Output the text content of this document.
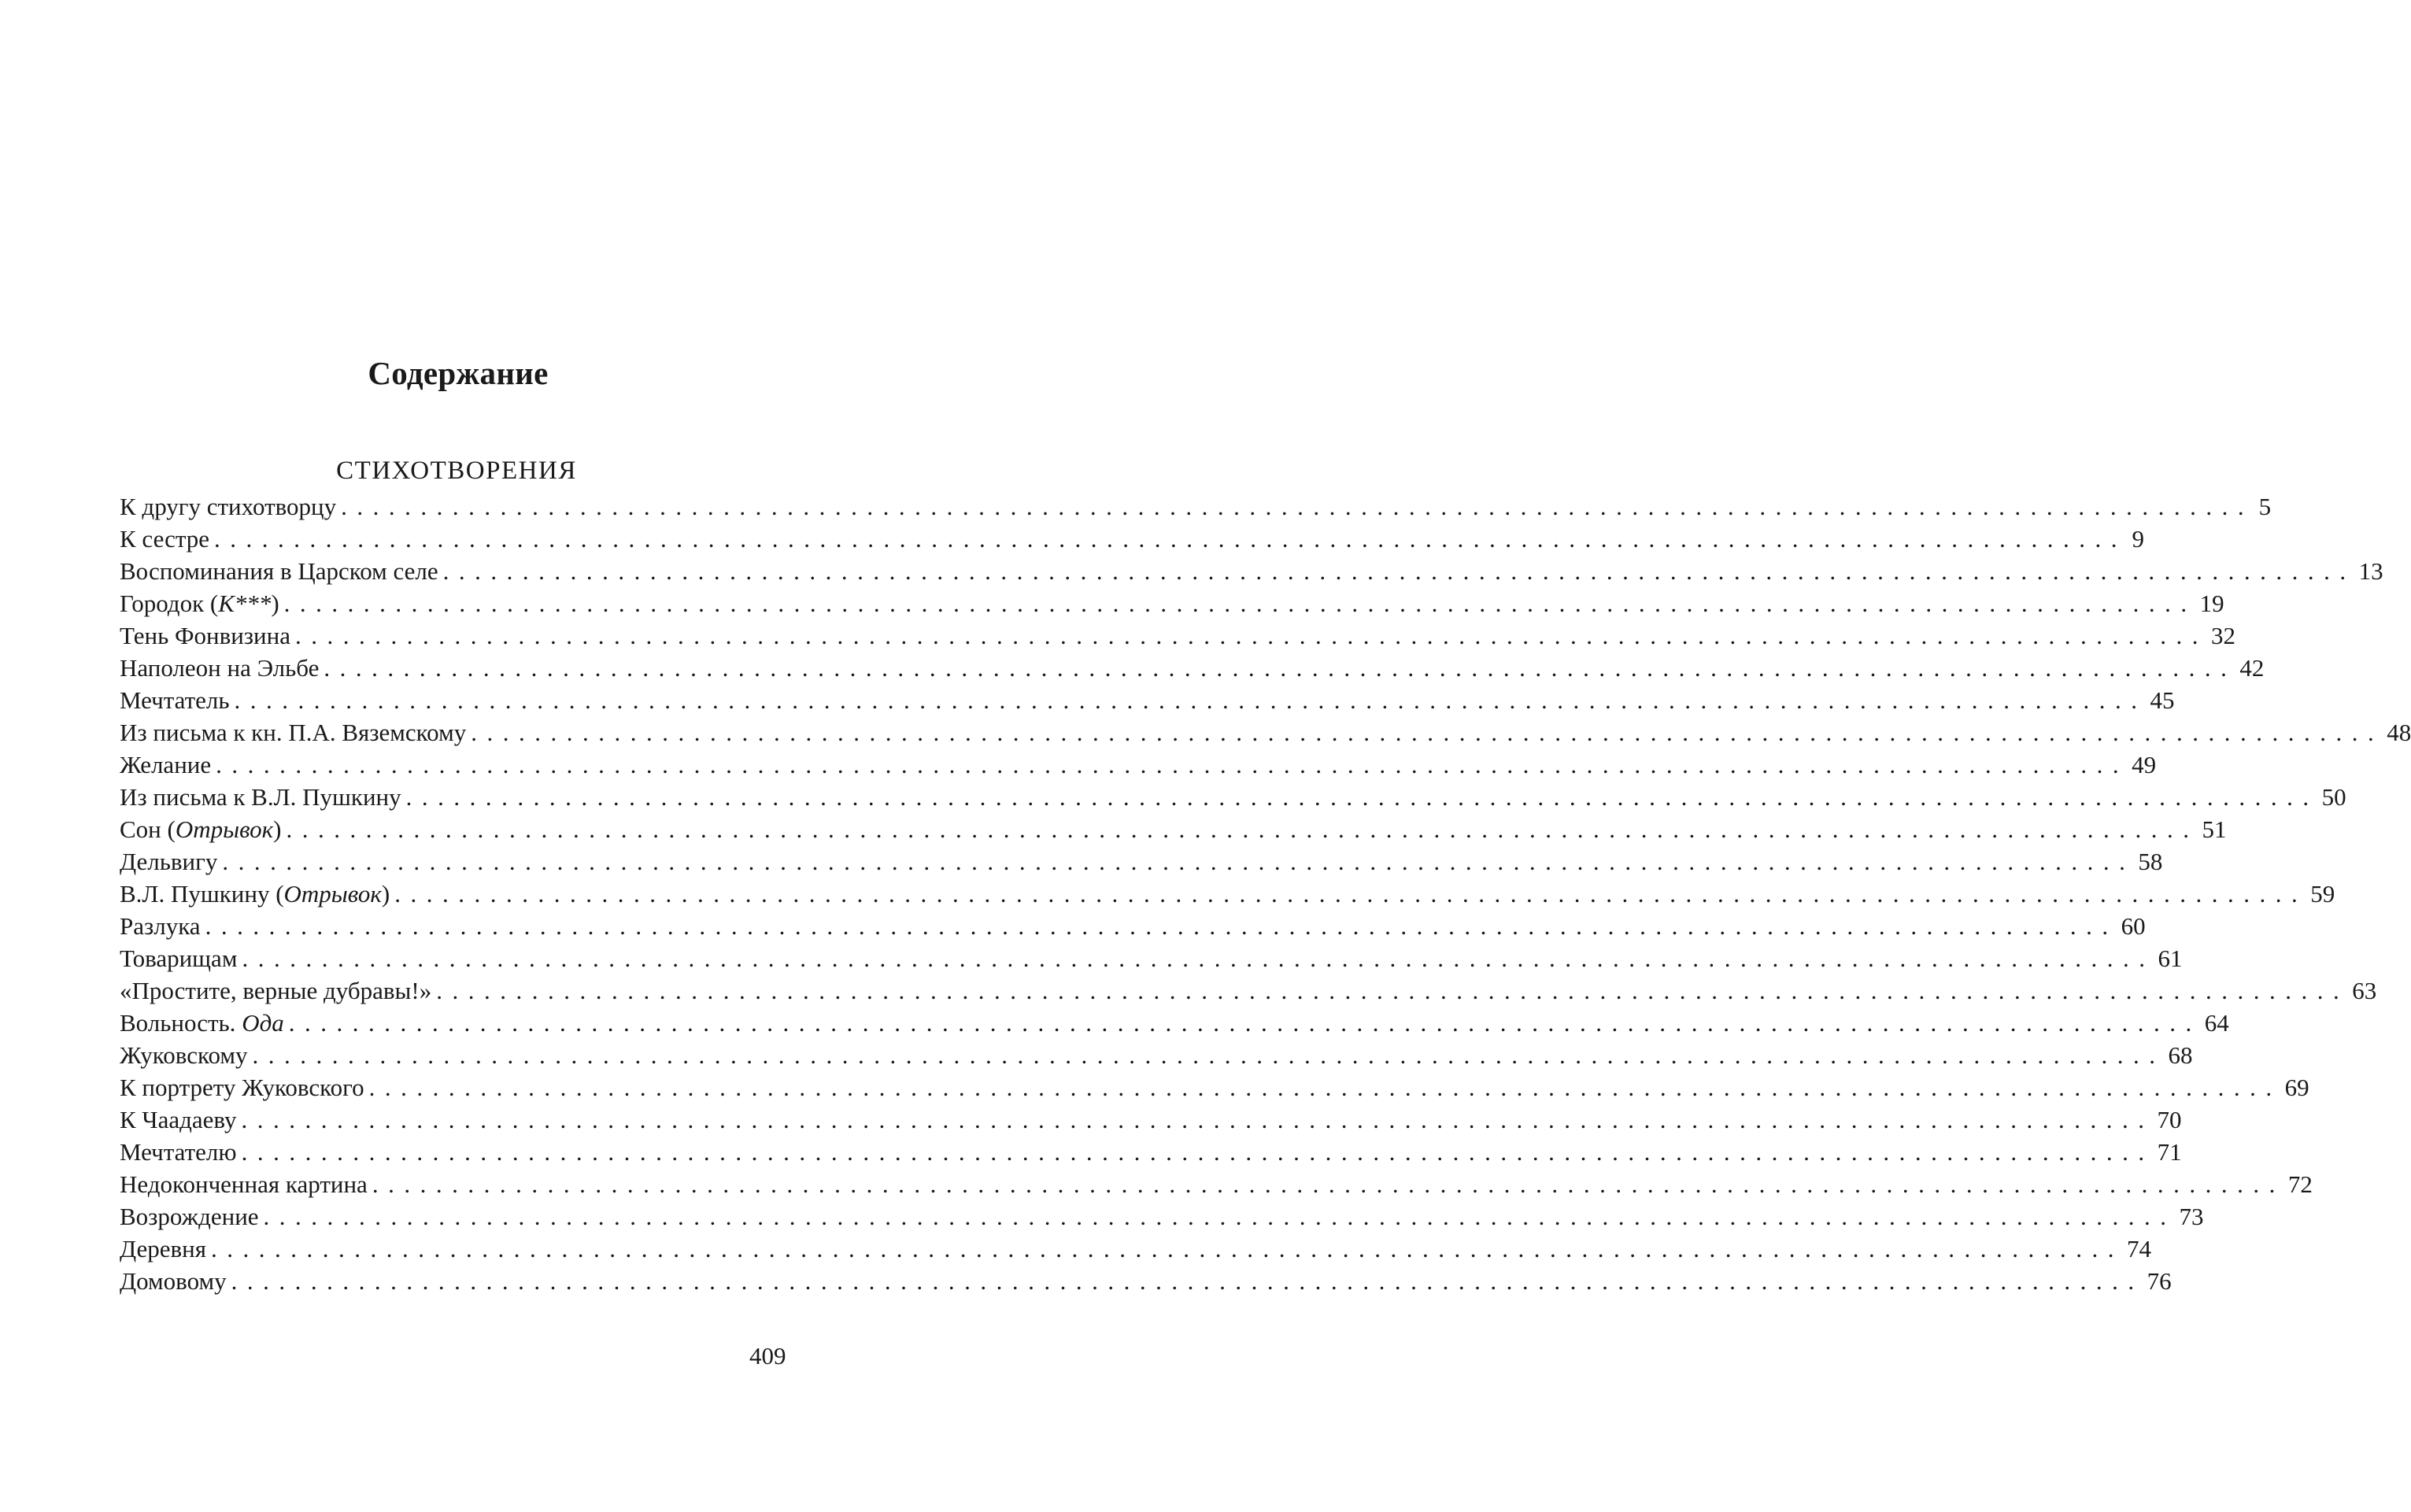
Содержание
СТИХОТВОРЕНИЯ
К другу стихотворцу ........................................................................................................................ 5
К сестре ........................................................................................................................ 9
Воспоминания в Царском селе ........................................................................................................................ 13
Городок (К***) ........................................................................................................................ 19
Тень Фонвизина ........................................................................................................................ 32
Наполеон на Эльбе ........................................................................................................................ 42
Мечтатель ........................................................................................................................ 45
Из письма к кн. П.А. Вяземскому ........................................................................................................................ 48
Желание ........................................................................................................................ 49
Из письма к В.Л. Пушкину ........................................................................................................................ 50
Сон (Отрывок) ........................................................................................................................ 51
Дельвигу ........................................................................................................................ 58
В.Л. Пушкину (Отрывок) ........................................................................................................................ 59
Разлука ........................................................................................................................ 60
Товарищам ........................................................................................................................ 61
«Простите, верные дубравы!» ........................................................................................................................ 63
Вольность. Ода ........................................................................................................................ 64
Жуковскому ........................................................................................................................ 68
К портрету Жуковского ........................................................................................................................ 69
К Чаадаеву ........................................................................................................................ 70
Мечтателю ........................................................................................................................ 71
Недоконченная картина ........................................................................................................................ 72
Возрождение ........................................................................................................................ 73
Деревня ........................................................................................................................ 74
Домовому ........................................................................................................................ 76
409
